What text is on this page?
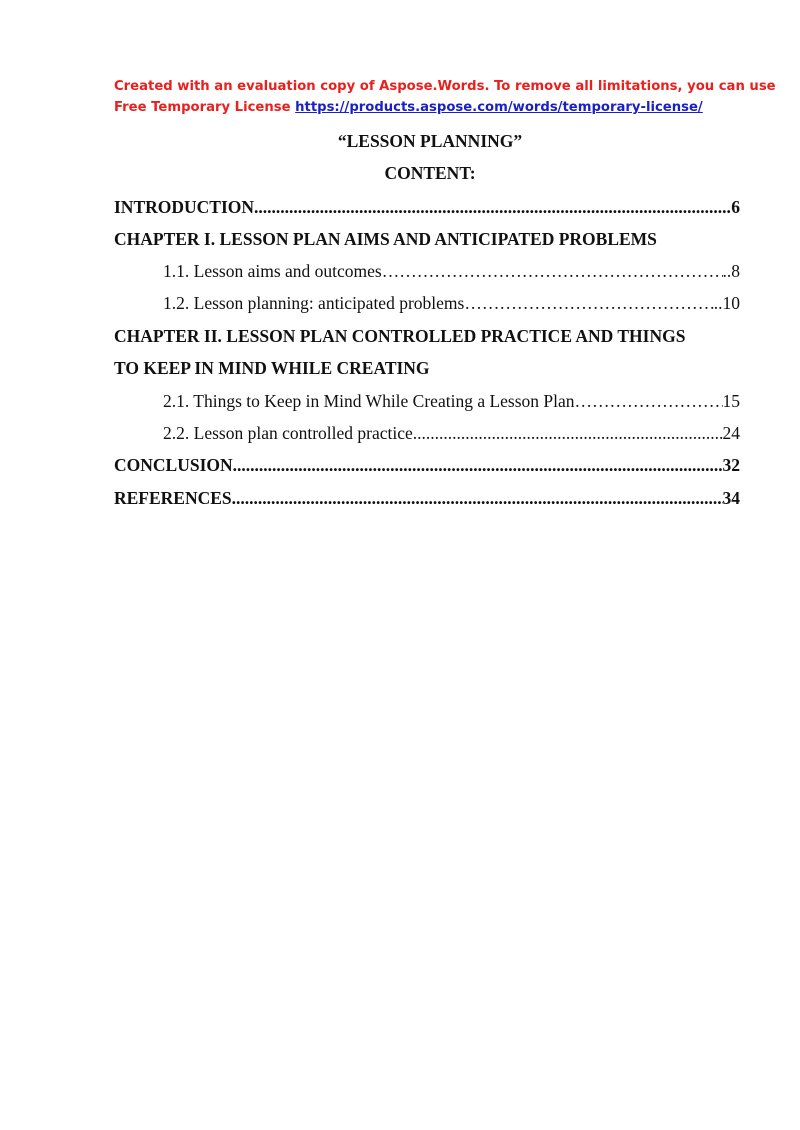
Created with an evaluation copy of Aspose.Words. To remove all limitations, you can use
Free Temporary License https://products.aspose.com/words/temporary-license/
“LESSON PLANNING”
CONTENT:
INTRODUCTION .....	6
CHAPTER I. LESSON PLAN AIMS AND ANTICIPATED PROBLEMS
1.1. Lesson aims and outcomes …………………………………………………………………………………………………………………………………………………………………………………………	..8
1.2. Lesson planning: anticipated problems …………………………………………………………………………………………………………………………………………………………………………………………	..10
CHAPTER II. LESSON PLAN CONTROLLED PRACTICE AND THINGS
TO KEEP IN MIND WHILE CREATING
2.1. Things to Keep in Mind While Creating a Lesson Plan …………………………………………………………………………………………………………………………………………………………………………………………	15
2.2. Lesson plan controlled practice .....	24
CONCLUSION .....	32
REFERENCES .....	34
